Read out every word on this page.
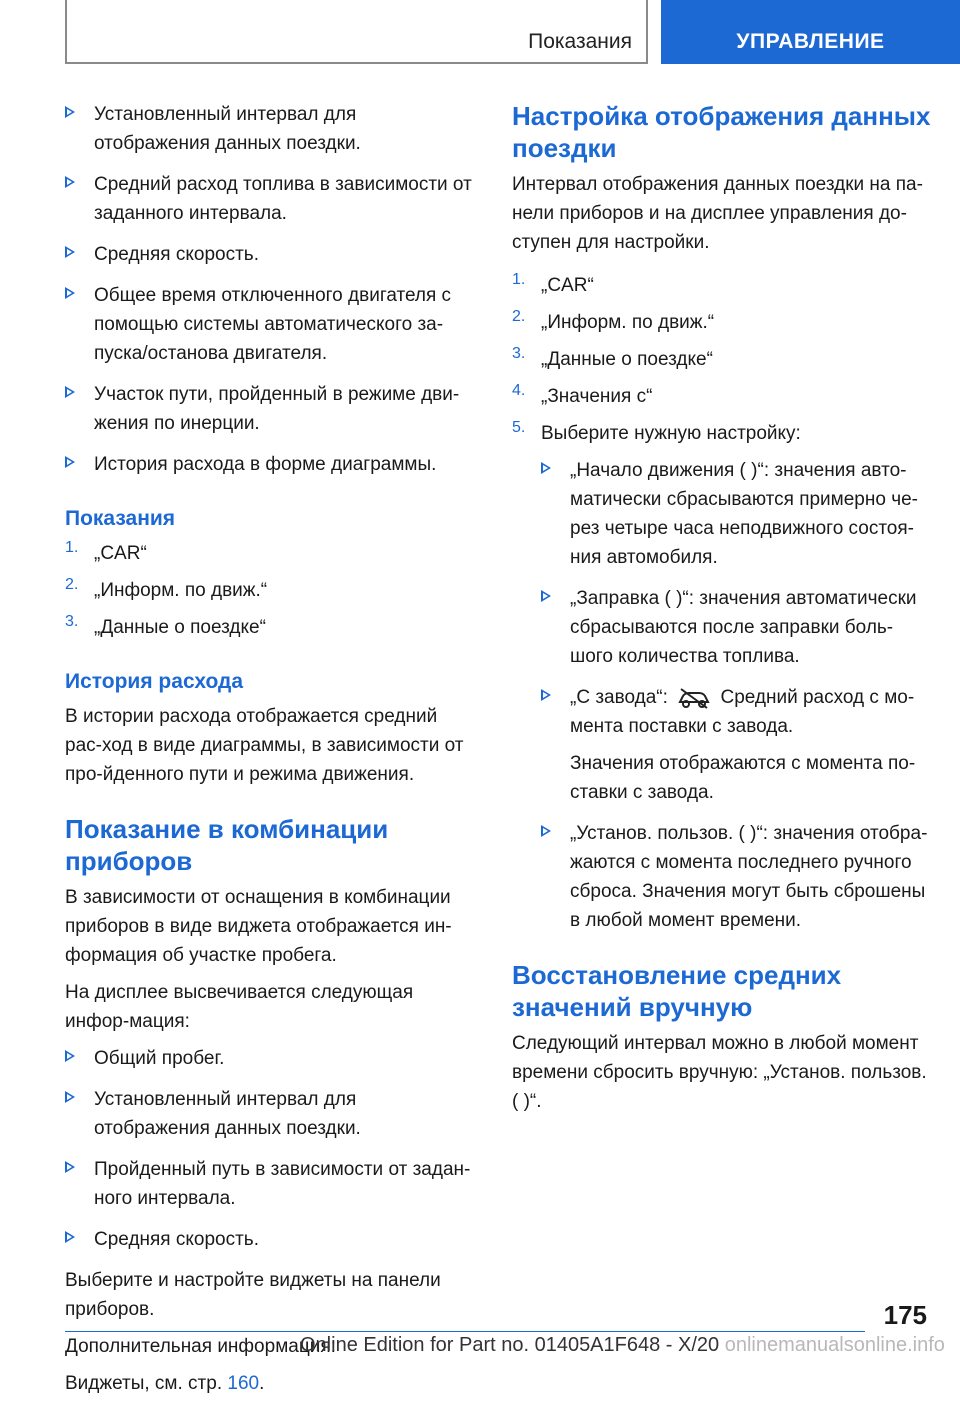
Показания	УПРАВЛЕНИЕ

Установленный интервал для отображения данных поездки.

Средний расход топлива в зависимости от заданного интервала.

Средняя скорость.

Общее время отключенного двигателя с помощью системы автоматического за-пуска/останова двигателя.

Участок пути, пройденный в режиме дви-жения по инерции.

История расхода в форме диаграммы.

Показания
1. „CAR“

2. „Информ. по движ.“

3. „Данные о поездке“

История расхода

В истории расхода отображается средний рас-ход в виде диаграммы, в зависимости от про-йденного пути и режима движения.

Показание в комбинации приборов

В зависимости от оснащения в комбинации приборов в виде виджета отображается ин-формация об участке пробега.

На дисплее высвечивается следующая инфор-мация:

Общий пробег.

Установленный интервал для отображения данных поездки.

Пройденный путь в зависимости от задан-ного интервала.

Средняя скорость.

Выберите и настройте виджеты на панели приборов.

Дополнительная информация:

Виджеты, см. стр. 160.

Настройка отображения данных поездки

Интервал отображения данных поездки на па-нели приборов и на дисплее управления до-ступен для настройки.

1. „CAR“

2. „Информ. по движ.“

3. „Данные о поездке“

4. „Значения с“

5. Выберите нужную настройку:

„Начало движения ( )“: значения авто-матически сбрасываются примерно че-рез четыре часа неподвижного состоя-ния автомобиля.

„Заправка ( )“: значения автоматически сбрасываются после заправки боль-шого количества топлива.

„С завода“:	Средний расход с мо-мента поставки с завода.

Значения отображаются с момента по-ставки с завода.

„Установ. пользов. ( )“: значения отобра-жаются с момента последнего ручного сброса. Значения могут быть сброшены в любой момент времени.

Восстановление средних значений вручную

Следующий интервал можно в любой момент времени сбросить вручную: „Установ. пользов. ( )“.

175
Online Edition for Part no. 01405A1F648 - X/20 onlinemanualsonline.info
